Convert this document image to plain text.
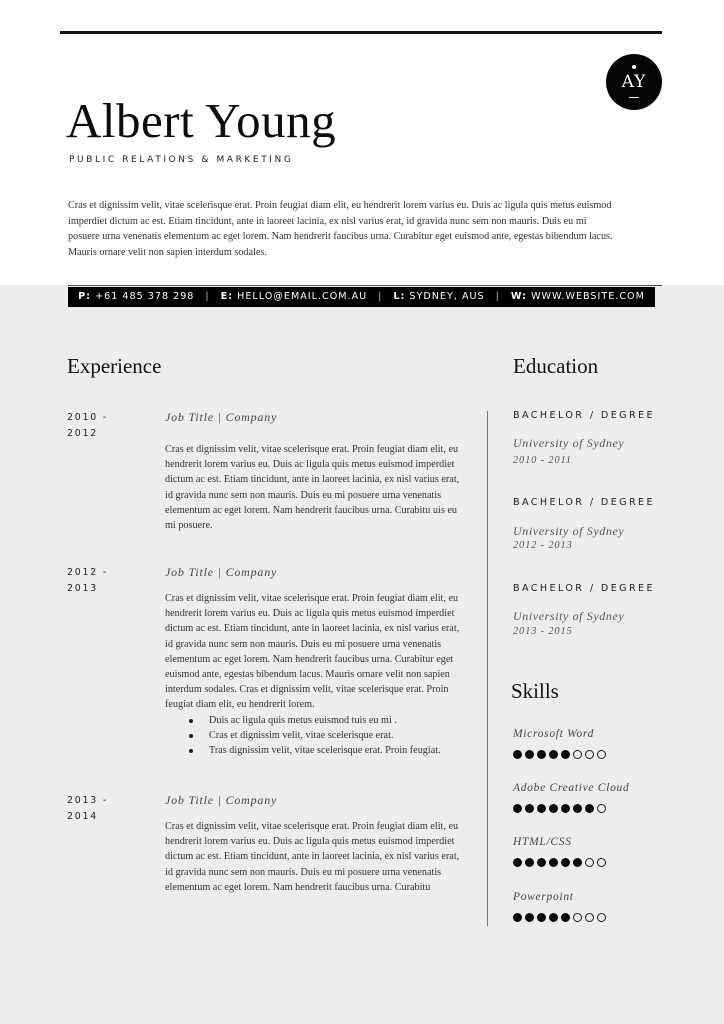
AY
Albert Young
PUBLIC RELATIONS & MARKETING
Cras et dignissim velit, vitae scelerisque erat. Proin feugiat diam elit, eu hendrerit lorem varius eu. Duis ac ligula quis metus euismod imperdiet dictum ac est. Etiam tincidunt, ante in laoreet lacinia, ex nisl varius erat, id gravida nunc sem non mauris. Duis eu mi posuere urna venenatis elementum ac eget lorem. Nam hendrerit faucibus urna. Curabitur eget euismod ante, egestas bibendum lacus. Mauris ornare velit non sapien interdum sodales.
P: +61 485 378 298 | E: HELLO@EMAIL.COM.AU | L: SYDNEY, AUS | W: WWW.WEBSITE.COM
Experience
2010 -
2012
Job Title | Company
Cras et dignissim velit, vitae scelerisque erat. Proin feugiat diam elit, eu hendrerit lorem varius eu. Duis ac ligula quis metus euismod imperdiet dictum ac est. Etiam tincidunt, ante in laoreet lacinia, ex nisl varius erat, id gravida nunc sem non mauris. Duis eu mi posuere urna venenatis elementum ac eget lorem. Nam hendrerit faucibus urna. Curabitu uis eu mi posuere.
2012 -
2013
Job Title | Company
Cras et dignissim velit, vitae scelerisque erat. Proin feugiat diam elit, eu hendrerit lorem varius eu. Duis ac ligula quis metus euismod imperdiet dictum ac est. Etiam tincidunt, ante in laoreet lacinia, ex nisl varius erat, id gravida nunc sem non mauris. Duis eu mi posuere urna venenatis elementum ac eget lorem. Nam hendrerit faucibus urna. Curabitur eget euismod ante, egestas bibendum lacus. Mauris ornare velit non sapien interdum sodales. Cras et dignissim velit, vitae scelerisque erat. Proin feugiat diam elit, eu hendrerit lorem.
Duis ac ligula quis metus euismod tuis eu mi .
Cras et dignissim velit, vitae scelerisque erat.
Tras dignissim velit, vitae scelerisque erat. Proin feugiat.
2013 -
2014
Job Title | Company
Cras et dignissim velit, vitae scelerisque erat. Proin feugiat diam elit, eu hendrerit lorem varius eu. Duis ac ligula quis metus euismod imperdiet dictum ac est. Etiam tincidunt, ante in laoreet lacinia, ex nisl varius erat, id gravida nunc sem non mauris. Duis eu mi posuere urna venenatis elementum ac eget lorem. Nam hendrerit faucibus urna. Curabitu
Education
BACHELOR / DEGREE
University of Sydney
2010 - 2011
BACHELOR / DEGREE
University of Sydney
2012 - 2013
BACHELOR / DEGREE
University of Sydney
2013 - 2015
Skills
Microsoft Word
Adobe Creative Cloud
HTML/CSS
Powerpoint
